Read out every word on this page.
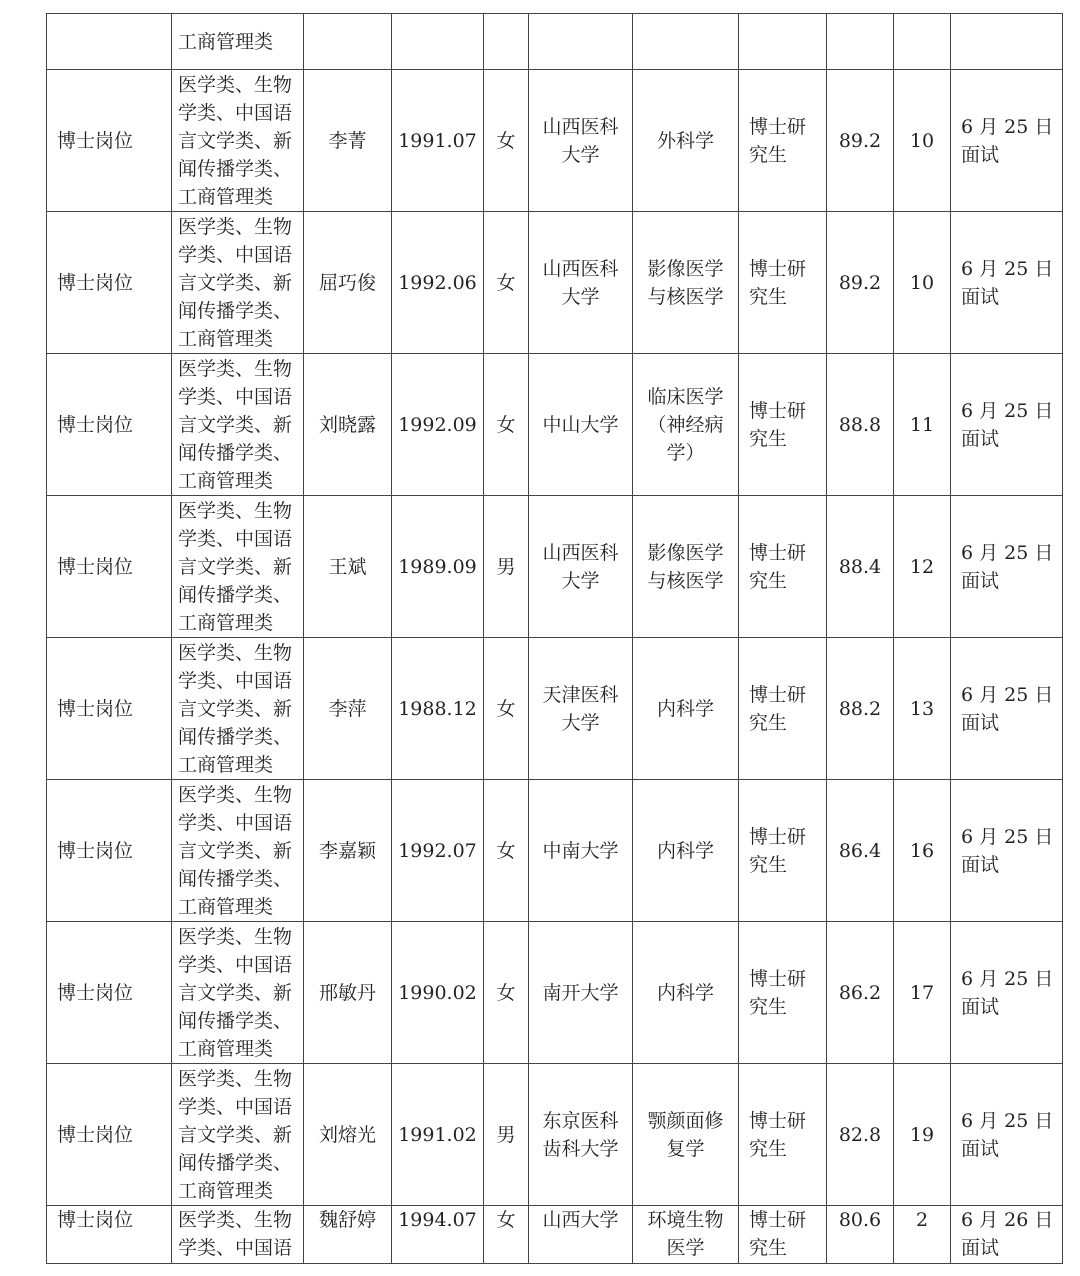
	工商管理类									
博士岗位	医学类、生物
学类、中国语
言文学类、新
闻传播学类、
工商管理类	李菁	1991.07	女	山西医科
大学	外科学	博士研
究生	89.2	10	6 月 25 日
面试

博士岗位	医学类、生物
学类、中国语
言文学类、新
闻传播学类、
工商管理类	屈巧俊	1992.06	女	山西医科
大学	影像医学
与核医学	博士研
究生	89.2	10	6 月 25 日
面试

博士岗位	医学类、生物
学类、中国语
言文学类、新
闻传播学类、
工商管理类	刘晓露	1992.09	女	中山大学	临床医学
（神经病
学）	博士研
究生	88.8	11	6 月 25 日
面试

博士岗位	医学类、生物
学类、中国语
言文学类、新
闻传播学类、
工商管理类	王斌	1989.09	男	山西医科
大学	影像医学
与核医学	博士研
究生	88.4	12	6 月 25 日
面试

博士岗位	医学类、生物
学类、中国语
言文学类、新
闻传播学类、
工商管理类	李萍	1988.12	女	天津医科
大学	内科学	博士研
究生	88.2	13	6 月 25 日
面试

博士岗位	医学类、生物
学类、中国语
言文学类、新
闻传播学类、
工商管理类	李嘉颖	1992.07	女	中南大学	内科学	博士研
究生	86.4	16	6 月 25 日
面试

博士岗位	医学类、生物
学类、中国语
言文学类、新
闻传播学类、
工商管理类	邢敏丹	1990.02	女	南开大学	内科学	博士研
究生	86.2	17	6 月 25 日
面试

博士岗位	医学类、生物
学类、中国语
言文学类、新
闻传播学类、
工商管理类	刘熔光	1991.02	男	东京医科
齿科大学	颚颜面修
复学	博士研
究生	82.8	19	6 月 25 日
面试

博士岗位	医学类、生物
学类、中国语	魏舒婷	1994.07	女	山西大学	环境生物
医学	博士研
究生	80.6	2	6 月 26 日
面试
